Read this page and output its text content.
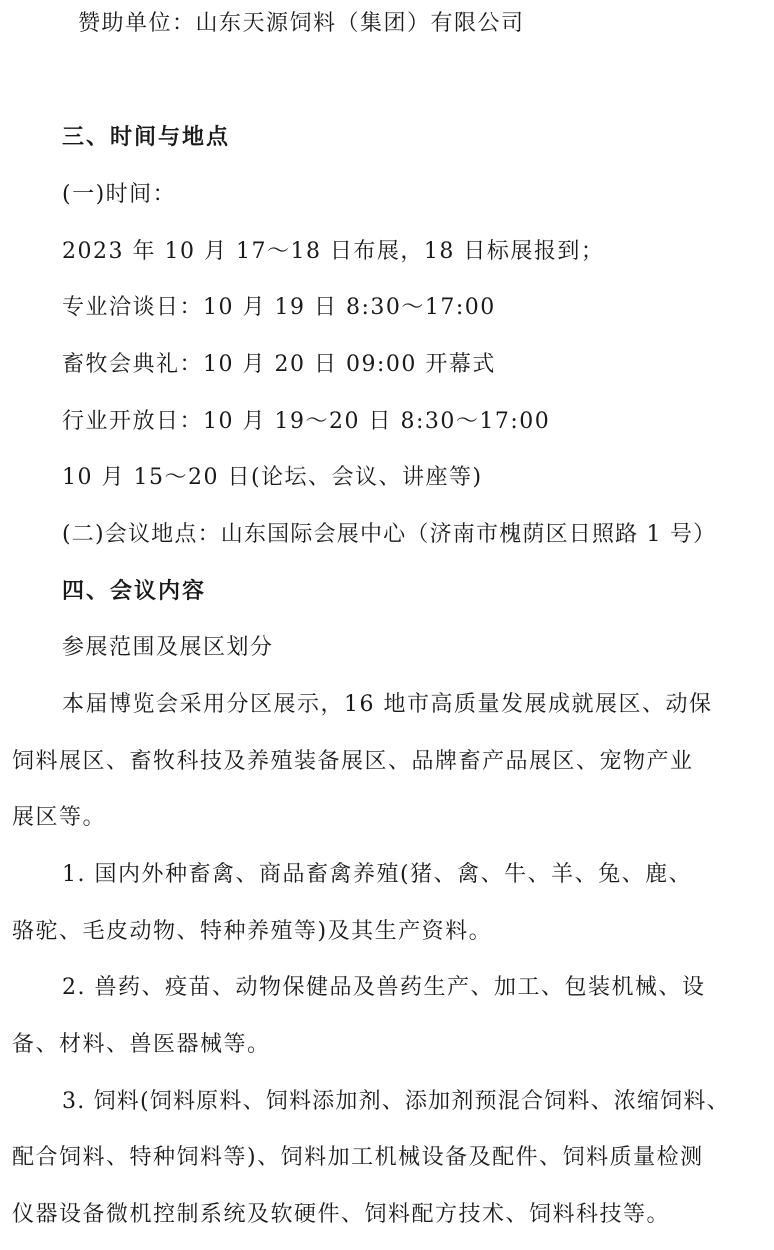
赞助单位：山东天源饲料（集团）有限公司
三、时间与地点
(一)时间：
2023 年 10 月 17～18 日布展，18 日标展报到；
专业洽谈日：10 月 19 日 8:30～17:00
畜牧会典礼：10 月 20 日 09:00 开幕式
行业开放日：10 月 19～20 日 8:30～17:00
10 月 15～20 日(论坛、会议、讲座等)
(二)会议地点：山东国际会展中心（济南市槐荫区日照路 1 号）
四、会议内容
参展范围及展区划分
本届博览会采用分区展示，16 地市高质量发展成就展区、动保
饲料展区、畜牧科技及养殖装备展区、品牌畜产品展区、宠物产业
展区等。
1. 国内外种畜禽、商品畜禽养殖(猪、禽、牛、羊、兔、鹿、
骆驼、毛皮动物、特种养殖等)及其生产资料。
2. 兽药、疫苗、动物保健品及兽药生产、加工、包装机械、设
备、材料、兽医器械等。
3. 饲料(饲料原料、饲料添加剂、添加剂预混合饲料、浓缩饲料、
配合饲料、特种饲料等)、饲料加工机械设备及配件、饲料质量检测
仪器设备微机控制系统及软硬件、饲料配方技术、饲料科技等。
